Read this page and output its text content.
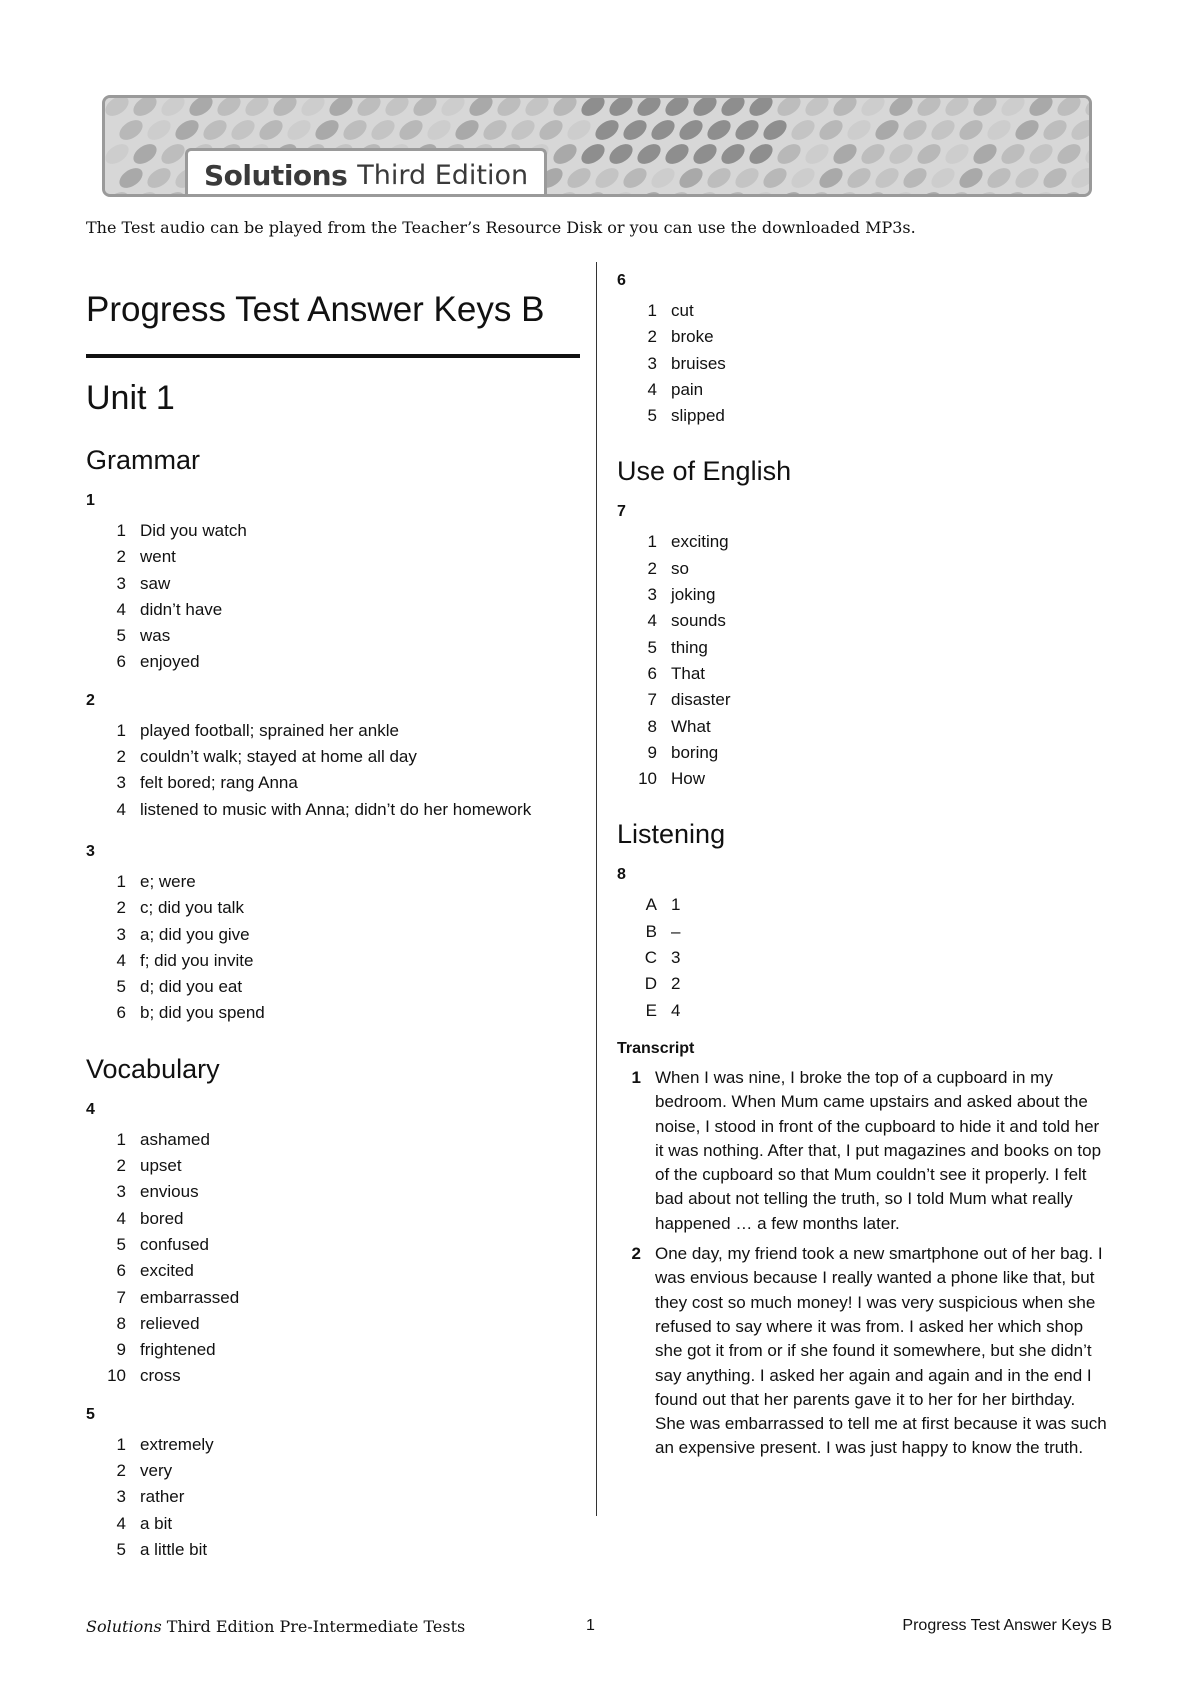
Solutions Third Edition
The Test audio can be played from the Teacher’s Resource Disk or you can use the downloaded MP3s.
Progress Test Answer Keys B
Unit 1
Grammar
1
1 Did you watch
2 went
3 saw
4 didn’t have
5 was
6 enjoyed
2
1 played football; sprained her ankle
2 couldn’t walk; stayed at home all day
3 felt bored; rang Anna
4 listened to music with Anna; didn’t do her homework
3
1 e; were
2 c; did you talk
3 a; did you give
4 f; did you invite
5 d; did you eat
6 b; did you spend
Vocabulary
4
1 ashamed
2 upset
3 envious
4 bored
5 confused
6 excited
7 embarrassed
8 relieved
9 frightened
10 cross
5
1 extremely
2 very
3 rather
4 a bit
5 a little bit
6
1 cut
2 broke
3 bruises
4 pain
5 slipped
Use of English
7
1 exciting
2 so
3 joking
4 sounds
5 thing
6 That
7 disaster
8 What
9 boring
10 How
Listening
8
A 1
B –
C 3
D 2
E 4
Transcript
1 When I was nine, I broke the top of a cupboard in my bedroom. When Mum came upstairs and asked about the noise, I stood in front of the cupboard to hide it and told her it was nothing. After that, I put magazines and books on top of the cupboard so that Mum couldn’t see it properly. I felt bad about not telling the truth, so I told Mum what really happened … a few months later.
2 One day, my friend took a new smartphone out of her bag. I was envious because I really wanted a phone like that, but they cost so much money! I was very suspicious when she refused to say where it was from. I asked her which shop she got it from or if she found it somewhere, but she didn’t say anything. I asked her again and again and in the end I found out that her parents gave it to her for her birthday. She was embarrassed to tell me at first because it was such an expensive present. I was just happy to know the truth.
Solutions Third Edition Pre-Intermediate Tests	1	Progress Test Answer Keys B
